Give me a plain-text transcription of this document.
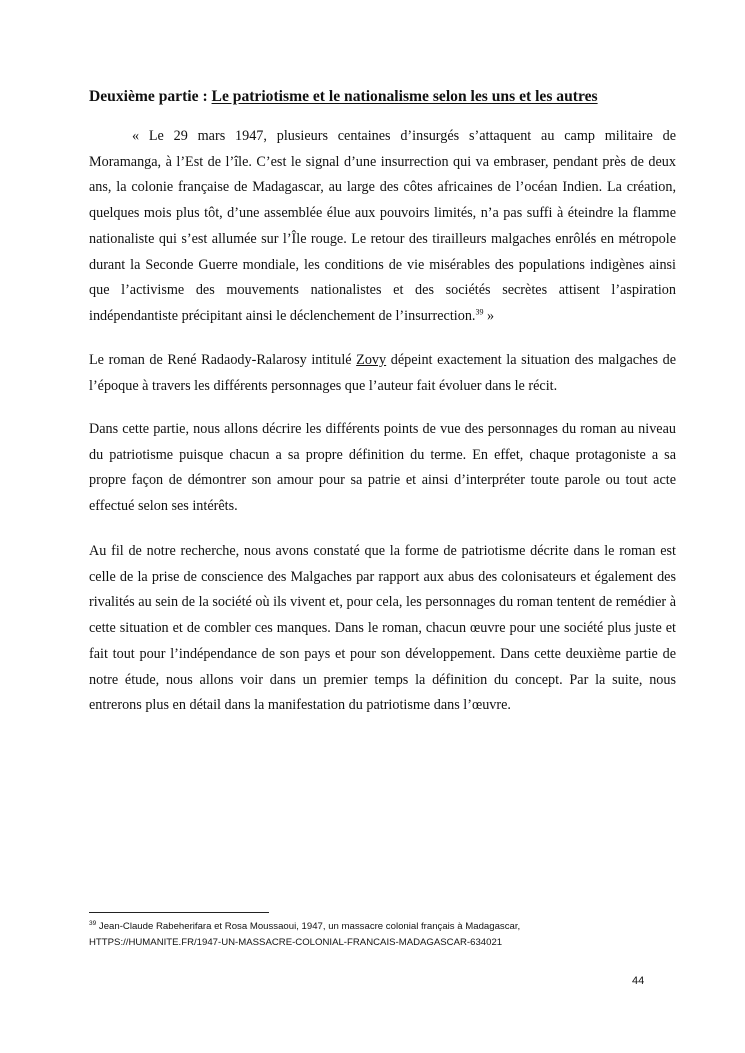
Deuxième partie : Le patriotisme et le nationalisme selon les uns et les autres

« Le 29 mars 1947, plusieurs centaines d’insurgés s’attaquent au camp militaire de Moramanga, à l’Est de l’île. C’est le signal d’une insurrection qui va embraser, pendant près de deux ans, la colonie française de Madagascar, au large des côtes africaines de l’océan Indien. La création, quelques mois plus tôt, d’une assemblée élue aux pouvoirs limités, n’a pas suffi à éteindre la flamme nationaliste qui s’est allumée sur l’Île rouge. Le retour des tirailleurs malgaches enrôlés en métropole durant la Seconde Guerre mondiale, les conditions de vie misérables des populations indigènes ainsi que l’activisme des mouvements nationalistes et des sociétés secrètes attisent l’aspiration indépendantiste précipitant ainsi le déclenchement de l’insurrection.$^{39}$ »

Le roman de René Radaody-Ralarosy intitulé Zovy dépeint exactement la situation des malgaches de l’époque à travers les différents personnages que l’auteur fait évoluer dans le récit.

Dans cette partie, nous allons décrire les différents points de vue des personnages du roman au niveau du patriotisme puisque chacun a sa propre définition du terme. En effet, chaque protagoniste a sa propre façon de démontrer son amour pour sa patrie et ainsi d’interpréter toute parole ou tout acte effectué selon ses intérêts.

Au fil de notre recherche, nous avons constaté que la forme de patriotisme décrite dans le roman est celle de la prise de conscience des Malgaches par rapport aux abus des colonisateurs et également des rivalités au sein de la société où ils vivent et, pour cela, les personnages du roman tentent de remédier à cette situation et de combler ces manques. Dans le roman, chacun œuvre pour une société plus juste et fait tout pour l’indépendance de son pays et pour son développement. Dans cette deuxième partie de notre étude, nous allons voir dans un premier temps la définition du concept. Par la suite, nous entrerons plus en détail dans la manifestation du patriotisme dans l’œuvre.

$^{39}$ Jean-Claude Rabeherifara et Rosa Moussaoui, 1947, un massacre colonial français à Madagascar,
HTTPS://HUMANITE.FR/1947-UN-MASSACRE-COLONIAL-FRANCAIS-MADAGASCAR-634021

44
